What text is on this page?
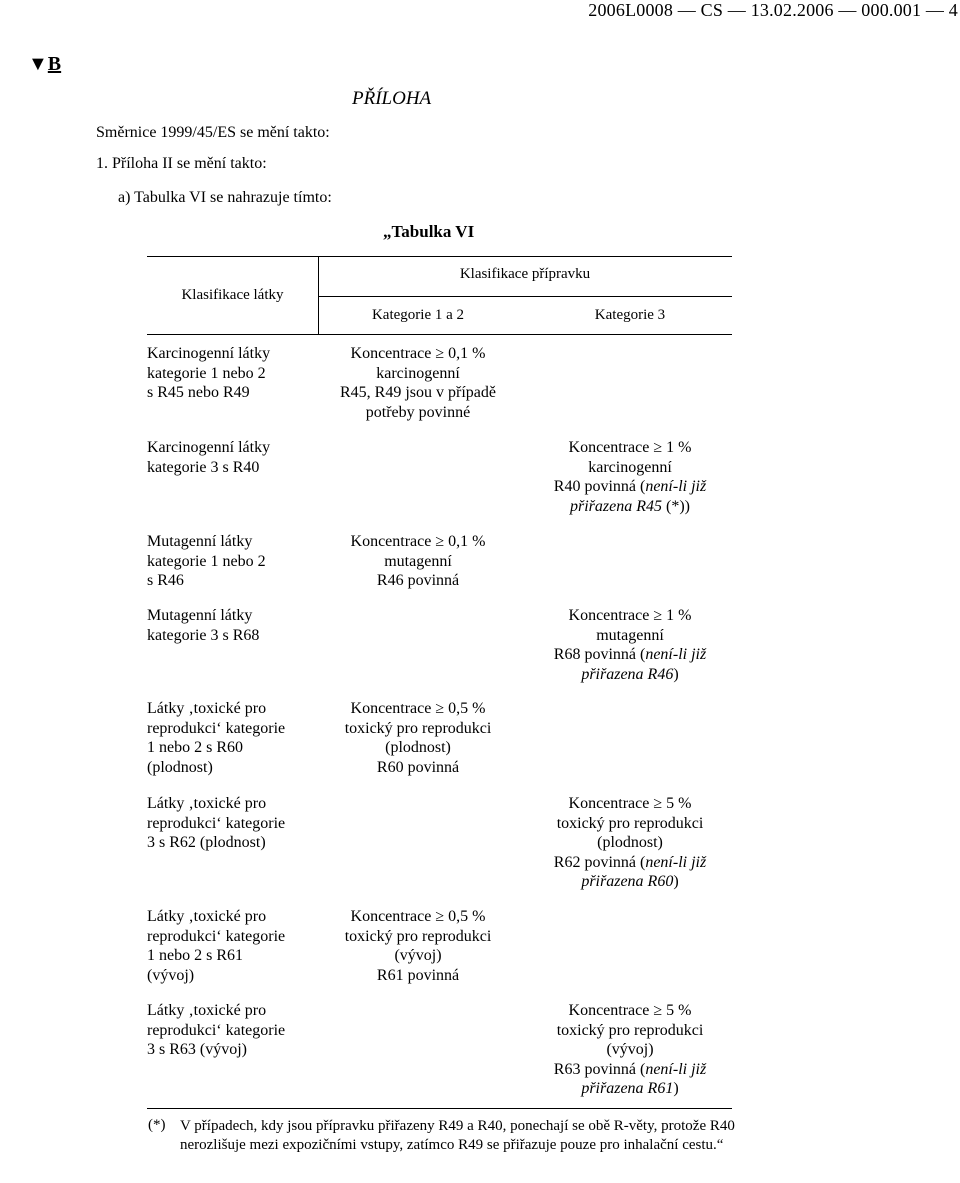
2006L0008 — CS — 13.02.2006 — 000.001 — 4
▼B
PŘÍLOHA
Směrnice 1999/45/ES se mění takto:
1. Příloha II se mění takto:
a) Tabulka VI se nahrazuje tímto:
„Tabulka VI
Klasifikace látky
Klasifikace přípravku
Kategorie 1 a 2	Kategorie 3
Karcinogenní látky
kategorie 1 nebo 2
s R45 nebo R49
Koncentrace ≥ 0,1 %
karcinogenní
R45, R49 jsou v případě
potřeby povinné
Karcinogenní látky
kategorie 3 s R40
Koncentrace ≥ 1 %
karcinogenní
R40 povinná (není-li již
přiřazena R45 (*))
Mutagenní látky
kategorie 1 nebo 2
s R46
Koncentrace ≥ 0,1 %
mutagenní
R46 povinná
Mutagenní látky
kategorie 3 s R68
Koncentrace ≥ 1 %
mutagenní
R68 povinná (není-li již
přiřazena R46)
Látky ‚toxické pro
reprodukci‘ kategorie
1 nebo 2 s R60
(plodnost)
Koncentrace ≥ 0,5 %
toxický pro reprodukci
(plodnost)
R60 povinná
Látky ‚toxické pro
reprodukci‘ kategorie
3 s R62 (plodnost)
Koncentrace ≥ 5 %
toxický pro reprodukci
(plodnost)
R62 povinná (není-li již
přiřazena R60)
Látky ‚toxické pro
reprodukci‘ kategorie
1 nebo 2 s R61
(vývoj)
Koncentrace ≥ 0,5 %
toxický pro reprodukci
(vývoj)
R61 povinná
Látky ‚toxické pro
reprodukci‘ kategorie
3 s R63 (vývoj)
Koncentrace ≥ 5 %
toxický pro reprodukci
(vývoj)
R63 povinná (není-li již
přiřazena R61)
(*) V případech, kdy jsou přípravku přiřazeny R49 a R40, ponechají se obě R-věty, protože R40 nerozlišuje mezi expozičními vstupy, zatímco R49 se přiřazuje pouze pro inhalační cestu.“
